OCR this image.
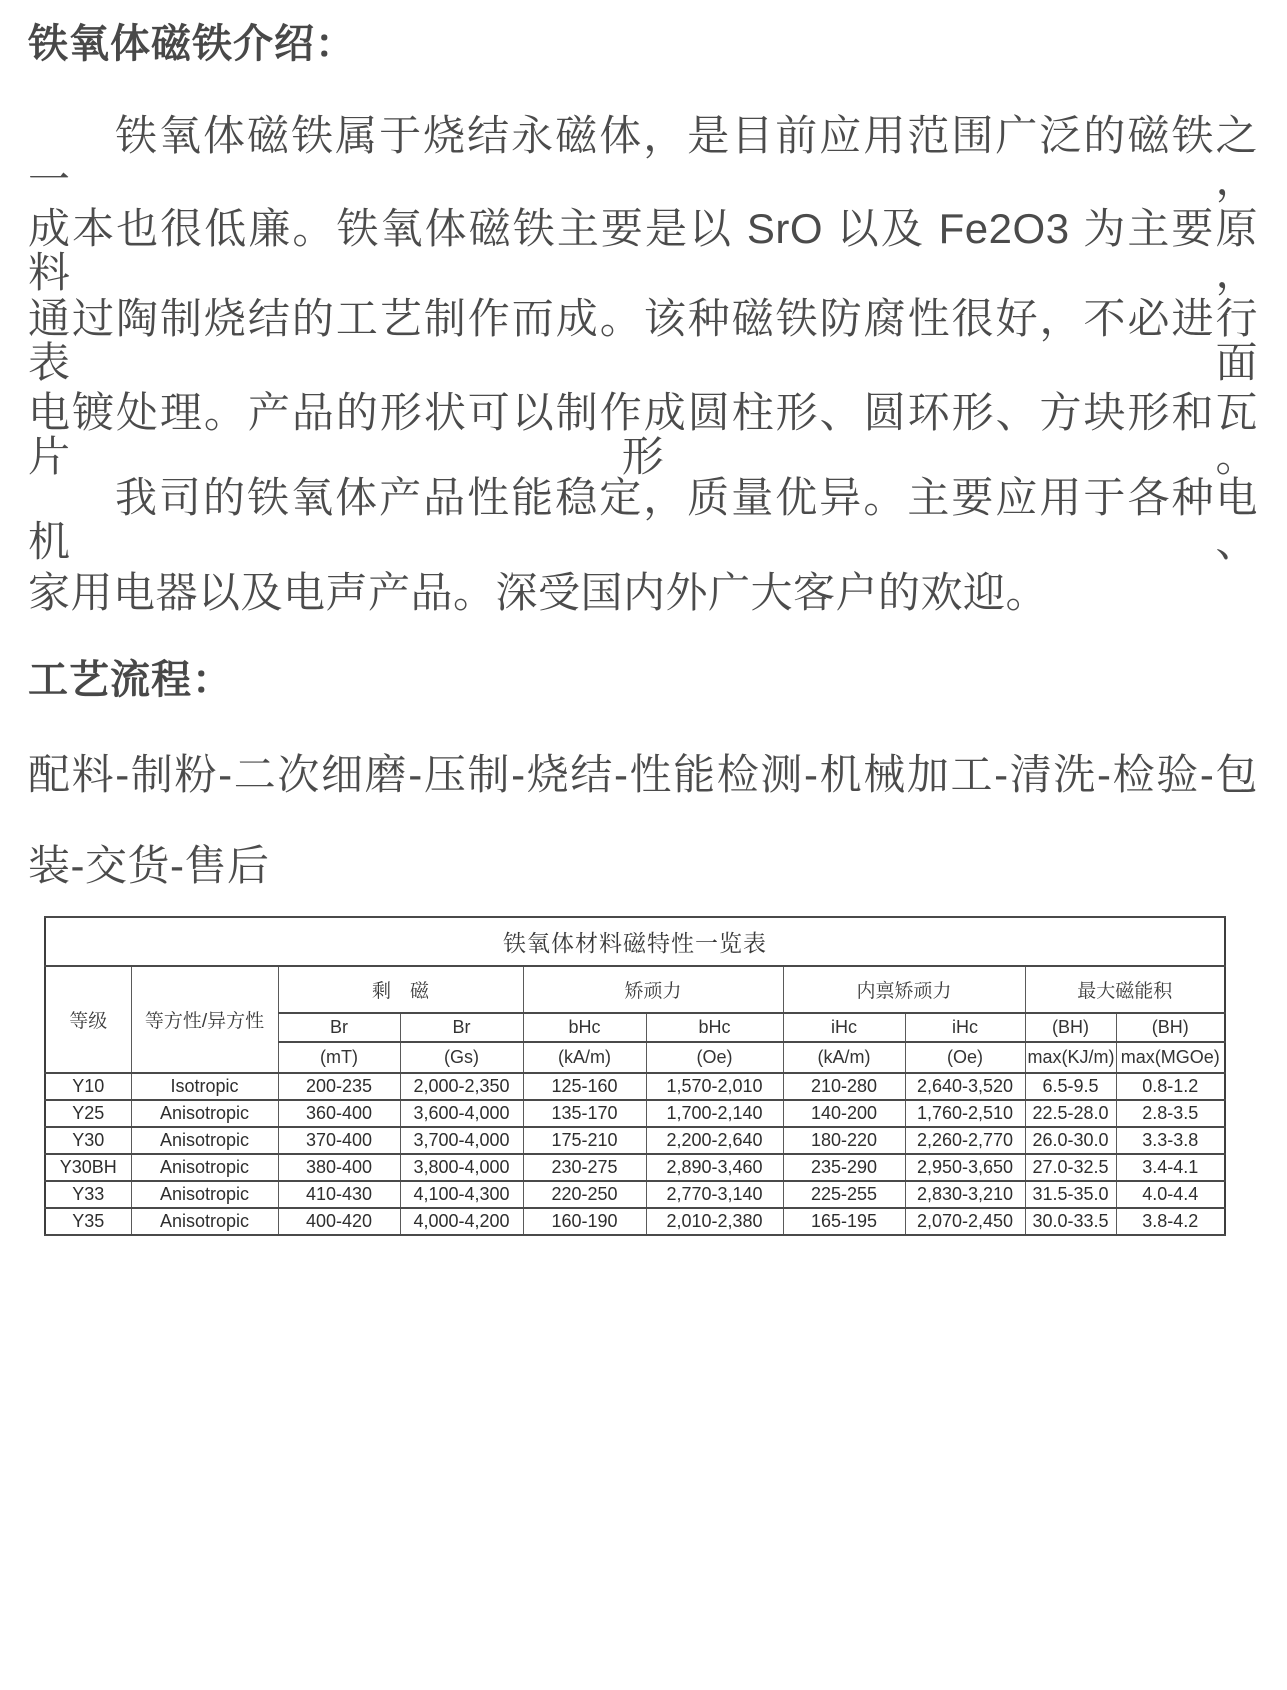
铁氧体磁铁介绍：
铁氧体磁铁属于烧结永磁体，是目前应用范围广泛的磁铁之一，
成本也很低廉。铁氧体磁铁主要是以 SrO 以及 Fe2O3 为主要原料，
通过陶制烧结的工艺制作而成。该种磁铁防腐性很好，不必进行表面
电镀处理。产品的形状可以制作成圆柱形、圆环形、方块形和瓦片形。
我司的铁氧体产品性能稳定，质量优异。主要应用于各种电机、
家用电器以及电声产品。深受国内外广大客户的欢迎。
工艺流程：
配料-制粉-二次细磨-压制-烧结-性能检测-机械加工-清洗-检验-包
装-交货-售后
铁氧体材料磁特性一览表									
等级	等方性/异方性	剩　磁		矫顽力		内禀矫顽力		最大磁能积	
		Br	Br	bHc	bHc	iHc	iHc	(BH)	(BH)
		(mT)	(Gs)	(kA/m)	(Oe)	(kA/m)	(Oe)	max(KJ/m)	max(MGOe)
Y10	Isotropic	200-235	2,000-2,350	125-160	1,570-2,010	210-280	2,640-3,520	6.5-9.5	0.8-1.2
Y25	Anisotropic	360-400	3,600-4,000	135-170	1,700-2,140	140-200	1,760-2,510	22.5-28.0	2.8-3.5
Y30	Anisotropic	370-400	3,700-4,000	175-210	2,200-2,640	180-220	2,260-2,770	26.0-30.0	3.3-3.8
Y30BH	Anisotropic	380-400	3,800-4,000	230-275	2,890-3,460	235-290	2,950-3,650	27.0-32.5	3.4-4.1
Y33	Anisotropic	410-430	4,100-4,300	220-250	2,770-3,140	225-255	2,830-3,210	31.5-35.0	4.0-4.4
Y35	Anisotropic	400-420	4,000-4,200	160-190	2,010-2,380	165-195	2,070-2,450	30.0-33.5	3.8-4.2
